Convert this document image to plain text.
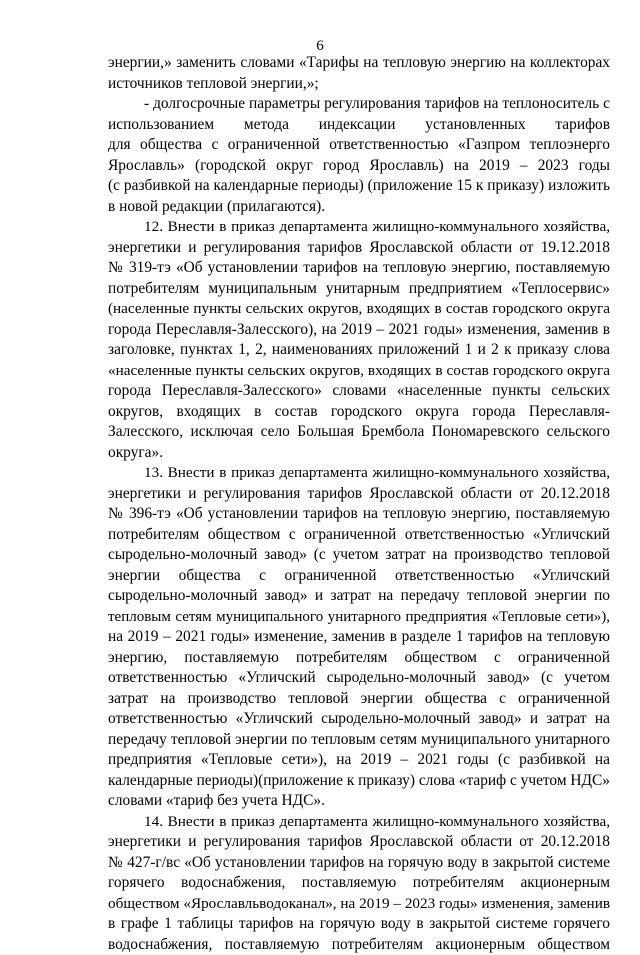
6
энергии,» заменить словами «Тарифы на тепловую энергию на коллекторах
источников тепловой энергии,»;
- долгосрочные параметры регулирования тарифов на теплоноситель с
использованием метода индексации установленных тарифов
для общества с ограниченной ответственностью «Газпром теплоэнерго
Ярославль» (городской округ город Ярославль) на 2019 – 2023 годы
(с разбивкой на календарные периоды) (приложение 15 к приказу) изложить
в новой редакции (прилагаются).
12. Внести в приказ департамента жилищно-коммунального хозяйства,
энергетики и регулирования тарифов Ярославской области от 19.12.2018
№ 319-тэ «Об установлении тарифов на тепловую энергию, поставляемую
потребителям муниципальным унитарным предприятием «Теплосервис»
(населенные пункты сельских округов, входящих в состав городского округа
города Переславля-Залесского), на 2019 – 2021 годы» изменения, заменив в
заголовке, пунктах 1, 2, наименованиях приложений 1 и 2 к приказу слова
«населенные пункты сельских округов, входящих в состав городского округа
города Переславля-Залесского» словами «населенные пункты сельских
округов, входящих в состав городского округа города Переславля-
Залесского, исключая село Большая Брембола Пономаревского сельского
округа».
13. Внести в приказ департамента жилищно-коммунального хозяйства,
энергетики и регулирования тарифов Ярославской области от 20.12.2018
№ 396-тэ «Об установлении тарифов на тепловую энергию, поставляемую
потребителям обществом с ограниченной ответственностью «Угличский
сыродельно-молочный завод» (с учетом затрат на производство тепловой
энергии общества с ограниченной ответственностью «Угличский
сыродельно-молочный завод» и затрат на передачу тепловой энергии по
тепловым сетям муниципального унитарного предприятия «Тепловые сети»),
на 2019 – 2021 годы» изменение, заменив в разделе 1 тарифов на тепловую
энергию, поставляемую потребителям обществом с ограниченной
ответственностью «Угличский сыродельно-молочный завод» (с учетом
затрат на производство тепловой энергии общества с ограниченной
ответственностью «Угличский сыродельно-молочный завод» и затрат на
передачу тепловой энергии по тепловым сетям муниципального унитарного
предприятия «Тепловые сети»), на 2019 – 2021 годы (с разбивкой на
календарные периоды)(приложение к приказу) слова «тариф с учетом НДС»
словами «тариф без учета НДС».
14. Внести в приказ департамента жилищно-коммунального хозяйства,
энергетики и регулирования тарифов Ярославской области от 20.12.2018
№ 427-г/вс «Об установлении тарифов на горячую воду в закрытой системе
горячего водоснабжения, поставляемую потребителям акционерным
обществом «Ярославльводоканал», на 2019 – 2023 годы» изменения, заменив
в графе 1 таблицы тарифов на горячую воду в закрытой системе горячего
водоснабжения, поставляемую потребителям акционерным обществом
